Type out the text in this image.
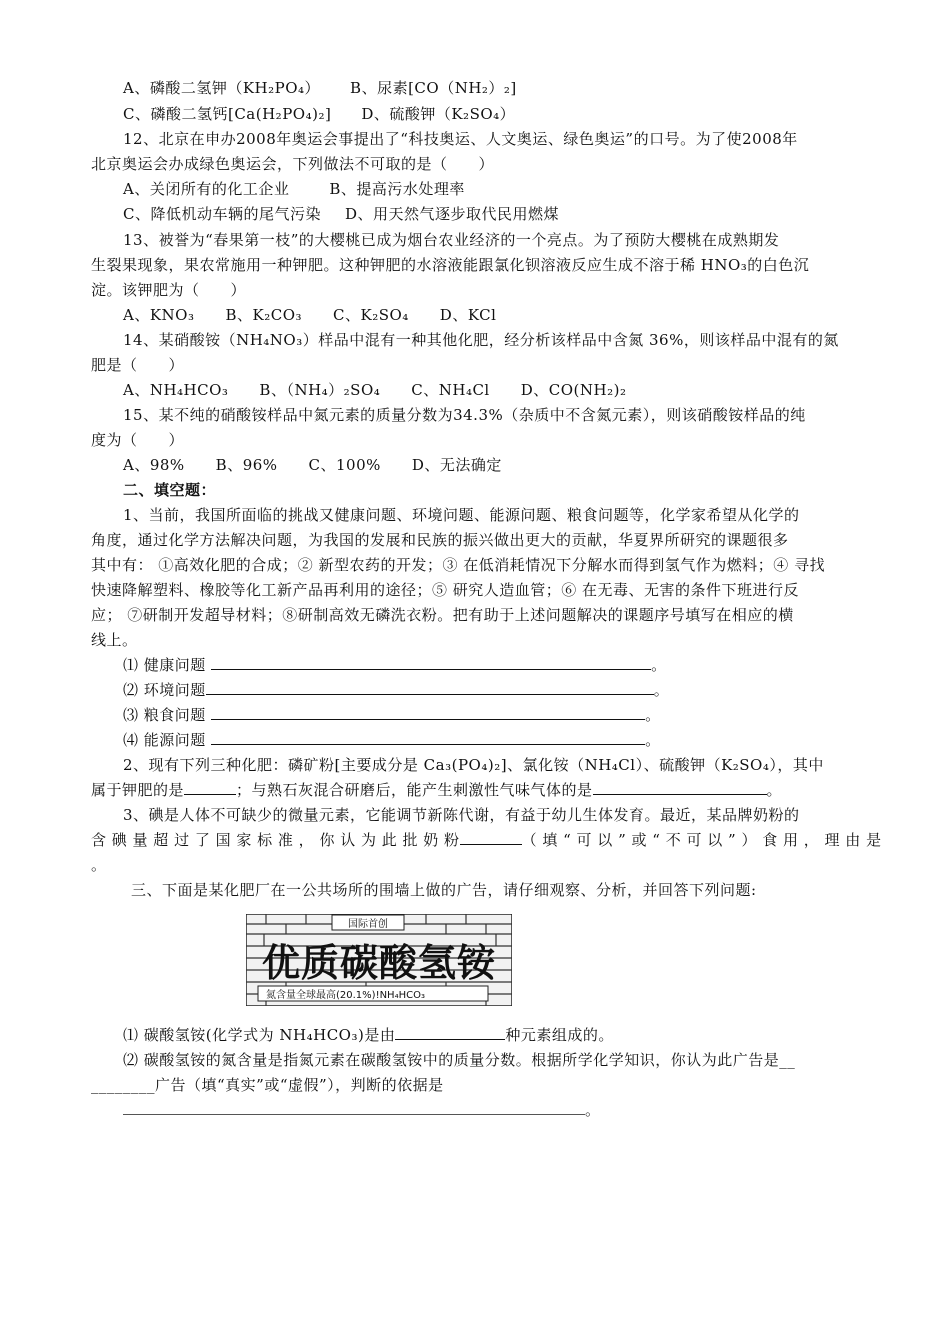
A、磷酸二氢钾（KH₂PO₄） B、尿素[CO（NH₂）₂]
C、磷酸二氢钙[Ca(H₂PO₄)₂] D、硫酸钾（K₂SO₄）
12、北京在申办2008年奥运会事提出了“科技奥运、人文奥运、绿色奥运”的口号。为了使2008年
北京奥运会办成绿色奥运会，下列做法不可取的是（　　）
A、关闭所有的化工企业	B、提高污水处理率
C、降低机动车辆的尾气污染 D、用天然气逐步取代民用燃煤
13、被誉为“春果第一枝”的大樱桃已成为烟台农业经济的一个亮点。为了预防大樱桃在成熟期发
生裂果现象，果农常施用一种钾肥。这种钾肥的水溶液能跟氯化钡溶液反应生成不溶于稀 HNO₃的白色沉
淀。该钾肥为（　　）
A、KNO₃　　B、K₂CO₃　　C、K₂SO₄　　D、KCl
14、某硝酸铵（NH₄NO₃）样品中混有一种其他化肥，经分析该样品中含氮 36%，则该样品中混有的氮
肥是（　　）
A、NH₄HCO₃　　B、（NH₄）₂SO₄　　C、NH₄Cl　　D、CO(NH₂)₂
15、某不纯的硝酸铵样品中氮元素的质量分数为34.3%（杂质中不含氮元素），则该硝酸铵样品的纯
度为（　　）
A、98%　　B、96%　　C、100%　　D、无法确定
二、填空题：
1、当前，我国所面临的挑战又健康问题、环境问题、能源问题、粮食问题等，化学家希望从化学的
角度，通过化学方法解决问题，为我国的发展和民族的振兴做出更大的贡献，华夏界所研究的课题很多
其中有： ①高效化肥的合成；② 新型农药的开发；③ 在低消耗情况下分解水而得到氢气作为燃料；④ 寻找
快速降解塑料、橡胶等化工新产品再利用的途径；⑤ 研究人造血管；⑥ 在无毒、无害的条件下班进行反
应； ⑦研制开发超导材料；⑧研制高效无磷洗衣粉。把有助于上述问题解决的课题序号填写在相应的横
线上。
⑴ 健康问题	。
⑵ 环境问题	。
⑶ 粮食问题	。
⑷ 能源问题	。
2、现有下列三种化肥：磷矿粉[主要成分是 Ca₃(PO₄)₂]、氯化铵（NH₄Cl）、硫酸钾（K₂SO₄），其中
属于钾肥的是	；与熟石灰混合研磨后，能产生刺激性气味气体的是	。
3、碘是人体不可缺少的微量元素，它能调节新陈代谢，有益于幼儿生体发育。最近，某品牌奶粉的
含 碘 量 超 过 了 国 家 标 准 ， 你 认 为 此 批 奶 粉	（ 填 “ 可 以 ” 或 “ 不 可 以 ” ） 食 用 ， 理 由 是
。
三、下面是某化肥厂在一公共场所的围墙上做的广告，请仔细观察、分析，并回答下列问题:
国际首创
优质碳酸氢铵
氮含量全球最高(20.1%)!NH₄HCO₃
⑴ 碳酸氢铵(化学式为 NH₄HCO₃)是由	种元素组成的。
⑵ 碳酸氢铵的氮含量是指氮元素在碳酸氢铵中的质量分数。根据所学化学知识，你认为此广告是__
________广告（填“真实”或“虚假”），判断的依据是
。
